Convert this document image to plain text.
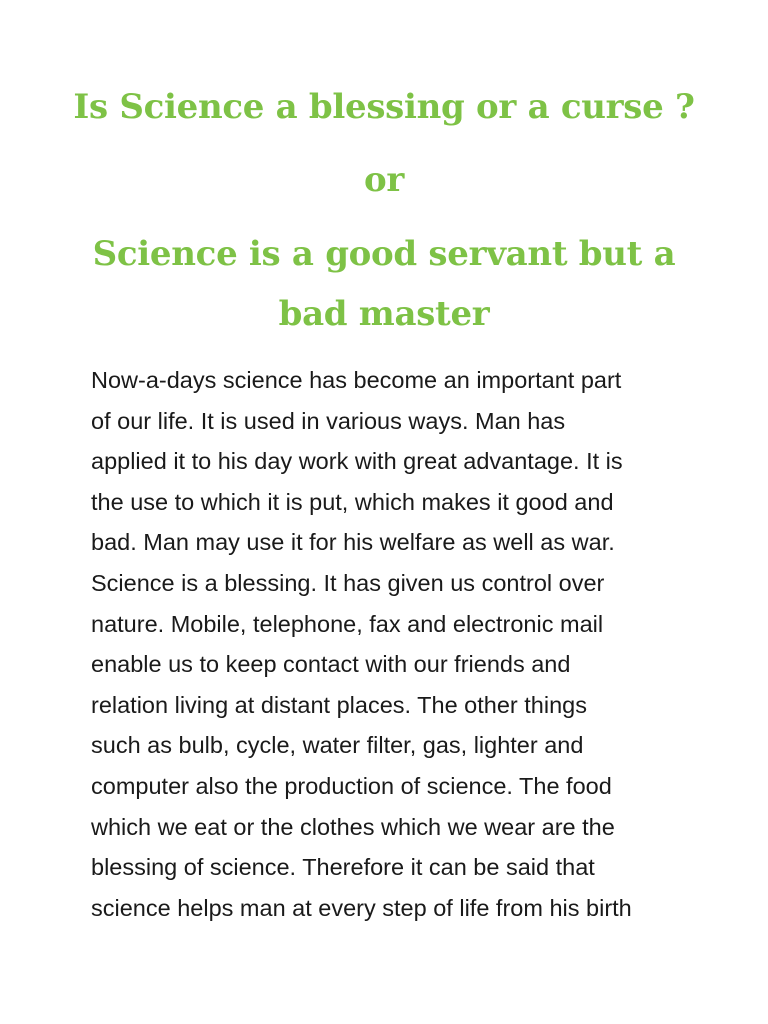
Is Science a blessing or a curse ?
or
Science is a good servant but a
bad master

Now-a-days science has become an important part
of our life. It is used in various ways. Man has
applied it to his day work with great advantage. It is
the use to which it is put, which makes it good and
bad. Man may use it for his welfare as well as war.
Science is a blessing. It has given us control over
nature. Mobile, telephone, fax and electronic mail
enable us to keep contact with our friends and
relation living at distant places. The other things
such as bulb, cycle, water filter, gas, lighter and
computer also the production of science. The food
which we eat or the clothes which we wear are the
blessing of science. Therefore it can be said that
science helps man at every step of life from his birth
